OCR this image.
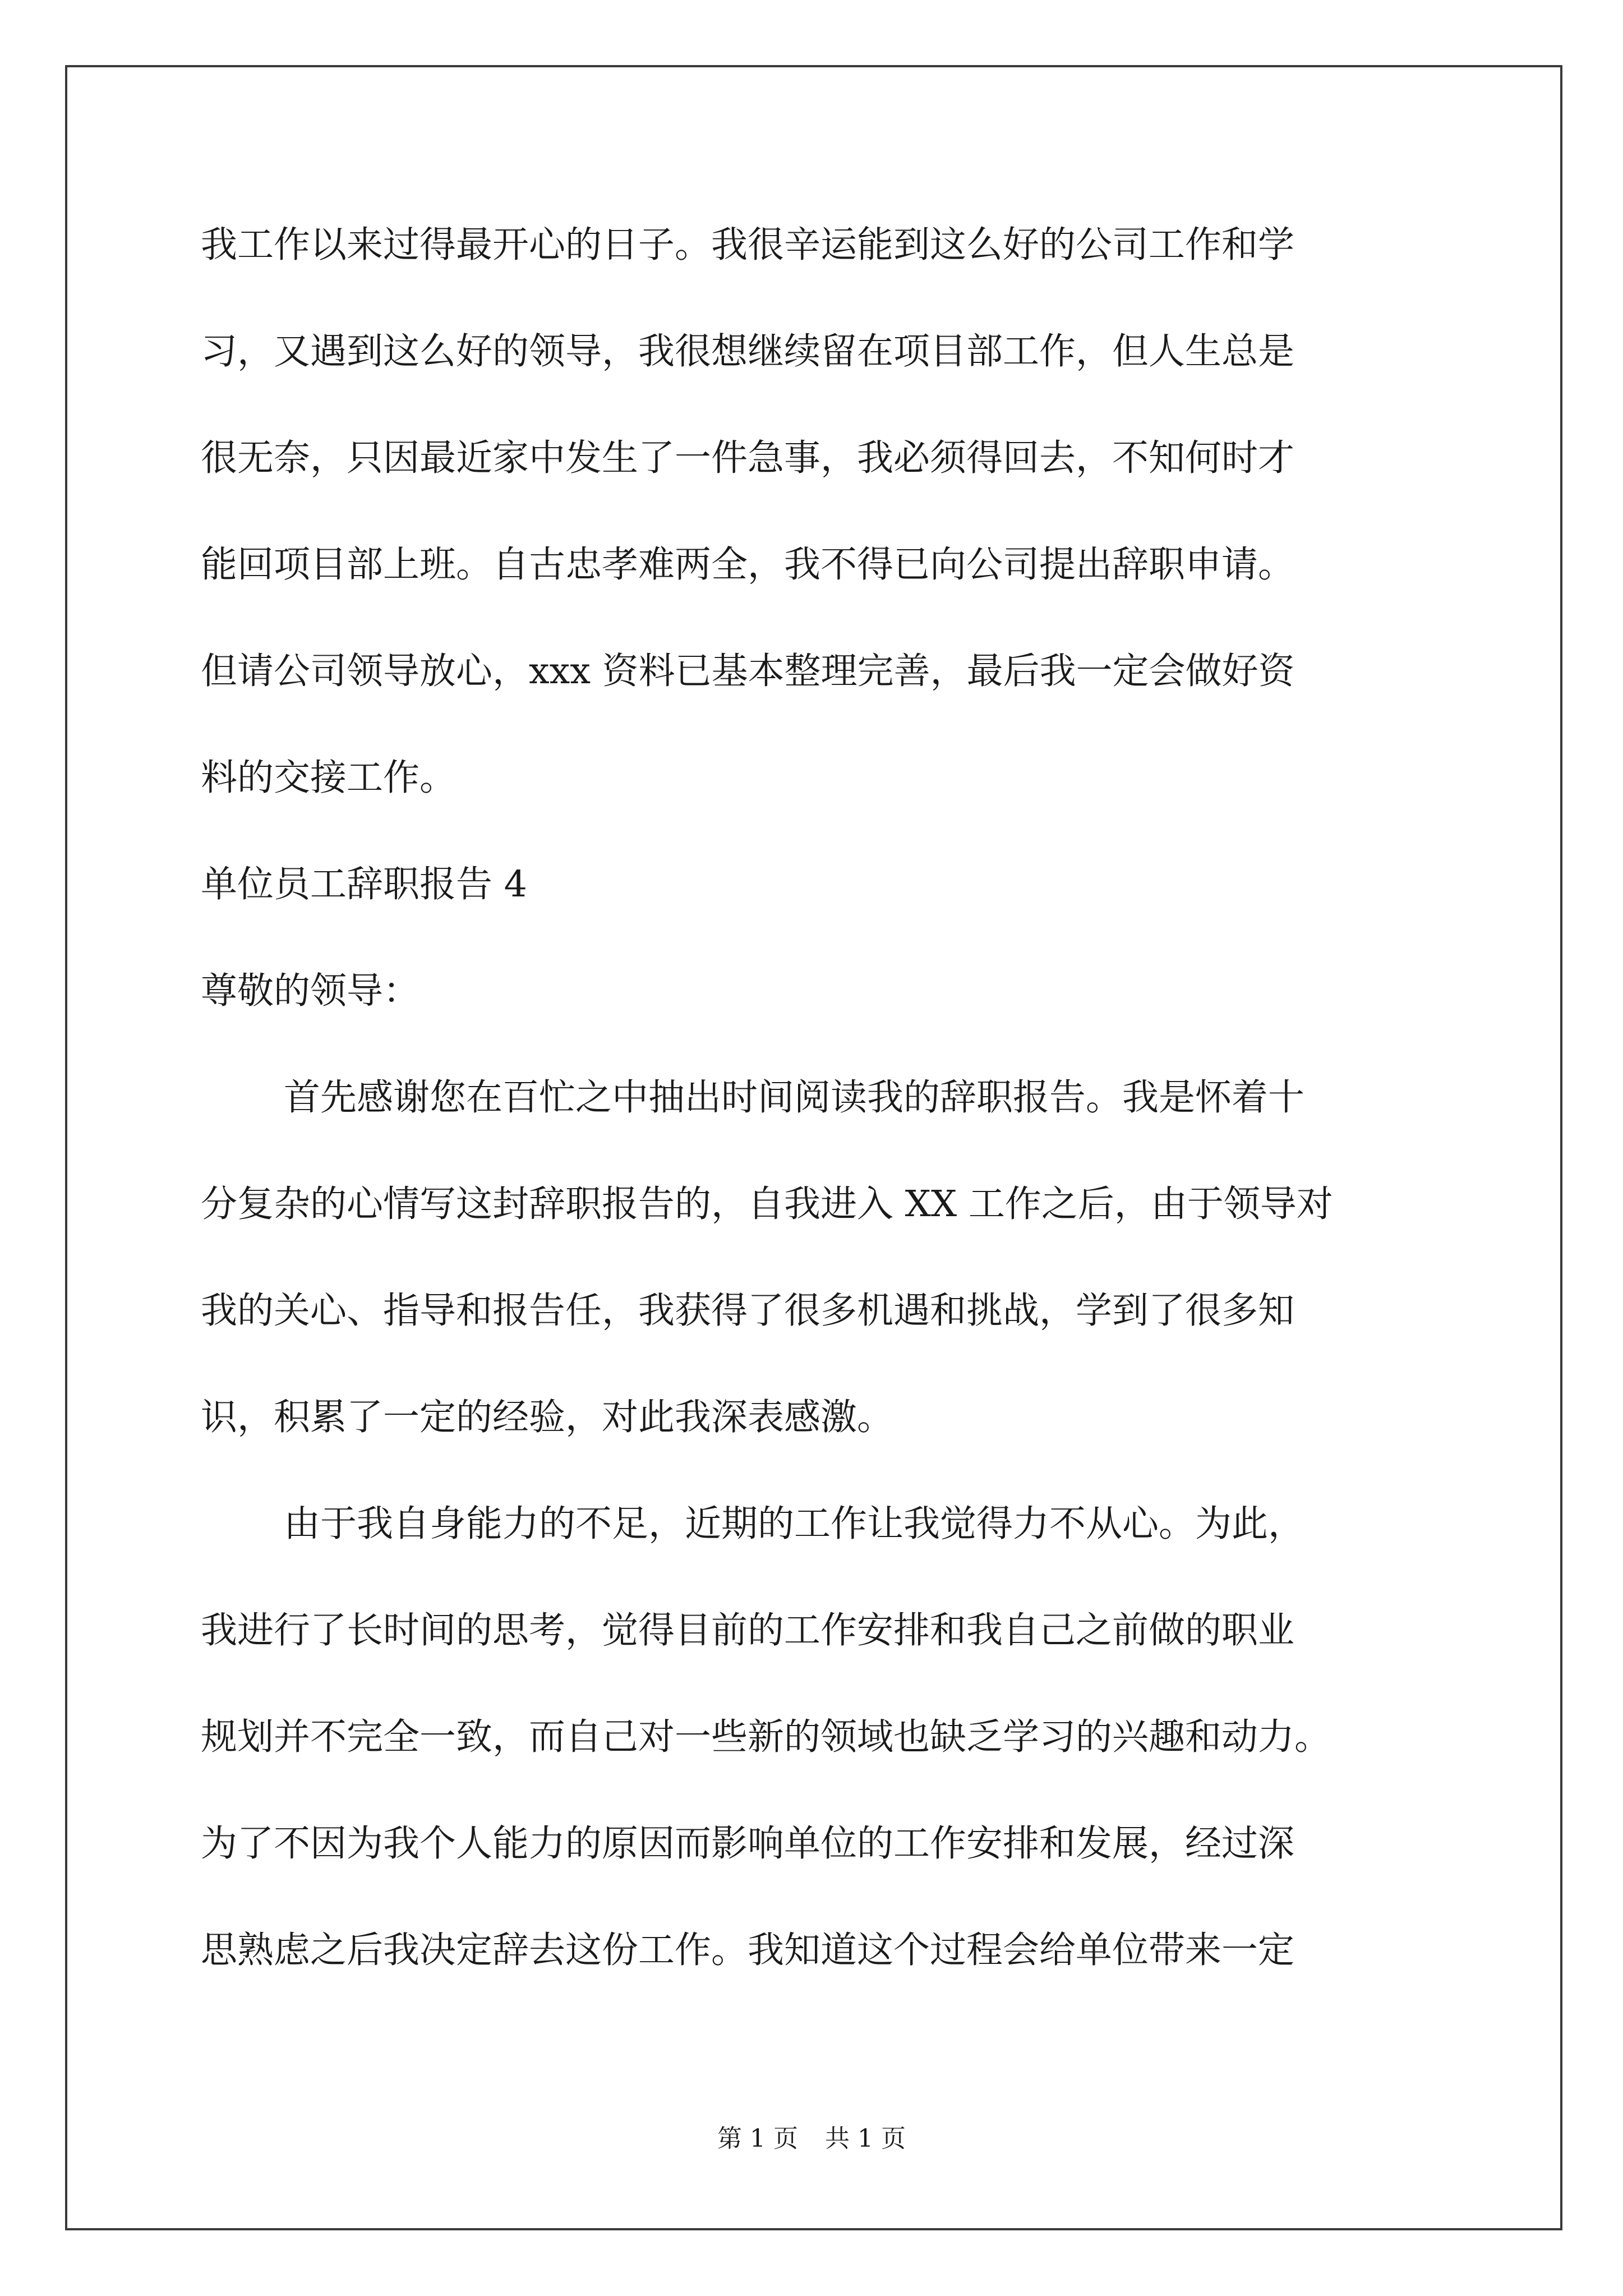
我工作以来过得最开心的日子。我很辛运能到这么好的公司工作和学
习，又遇到这么好的领导，我很想继续留在项目部工作，但人生总是
很无奈，只因最近家中发生了一件急事，我必须得回去，不知何时才
能回项目部上班。自古忠孝难两全，我不得已向公司提出辞职申请。
但请公司领导放心，xxx 资料已基本整理完善，最后我一定会做好资
料的交接工作。
单位员工辞职报告 4
尊敬的领导：
首先感谢您在百忙之中抽出时间阅读我的辞职报告。我是怀着十
分复杂的心情写这封辞职报告的，自我进入 XX 工作之后，由于领导对
我的关心、指导和报告任，我获得了很多机遇和挑战，学到了很多知
识，积累了一定的经验，对此我深表感激。
由于我自身能力的不足，近期的工作让我觉得力不从心。为此，
我进行了长时间的思考，觉得目前的工作安排和我自己之前做的职业
规划并不完全一致，而自己对一些新的领域也缺乏学习的兴趣和动力。
为了不因为我个人能力的原因而影响单位的工作安排和发展，经过深
思熟虑之后我决定辞去这份工作。我知道这个过程会给单位带来一定
第 1 页 共 1 页
